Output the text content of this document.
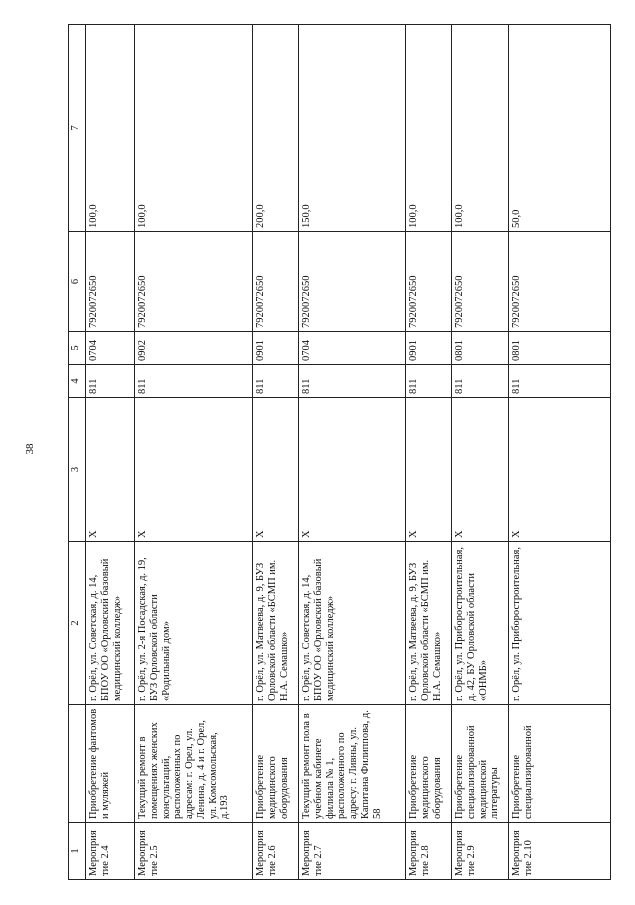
38
1		2	3	4	5	6	7
Мероприятие 2.4	Приобретение фантомов и муляжей	г. Орёл, ул. Советская, д. 14, БПОУ ОО «Орловский базовый медицинский колледж»	X	811	0704	7920072650	100,0
Мероприятие 2.5	Текущий ремонт в помещениях женских консультаций, расположенных по адресам: г. Орел, ул. Ленина, д. 4 и г. Орел, ул. Комсомольская, д.193	г. Орёл, ул. 2-я Посадская, д. 19, БУЗ Орловской области «Родильный дом»	X	811	0902	7920072650	100,0
Мероприятие 2.6	Приобретение медицинского оборудования	г. Орёл, ул. Матвеева, д. 9, БУЗ Орловской области «БСМП им. Н.А. Семашко»	X	811	0901	7920072650	200,0
Мероприятие 2.7	Текущий ремонт пола в учебном кабинете филиала № 1, расположенного по адресу: г. Ливны, ул. Капитана Филиппова, д. 58	г. Орёл, ул. Советская, д. 14, БПОУ ОО «Орловский базовый медицинский колледж»	X	811	0704	7920072650	150,0
Мероприятие 2.8	Приобретение медицинского оборудования	г. Орёл, ул. Матвеева, д. 9, БУЗ Орловской области «БСМП им. Н.А. Семашко»	X	811	0901	7920072650	100,0
Мероприятие 2.9	Приобретение специализированной медицинской литературы	г. Орёл, ул. Приборостроительная, д. 42, БУ Орловской области «ОНМБ»	X	811	0801	7920072650	100,0
Мероприятие 2.10	Приобретение специализированной	г. Орёл, ул. Приборостроительная,	X	811	0801	7920072650	50,0
